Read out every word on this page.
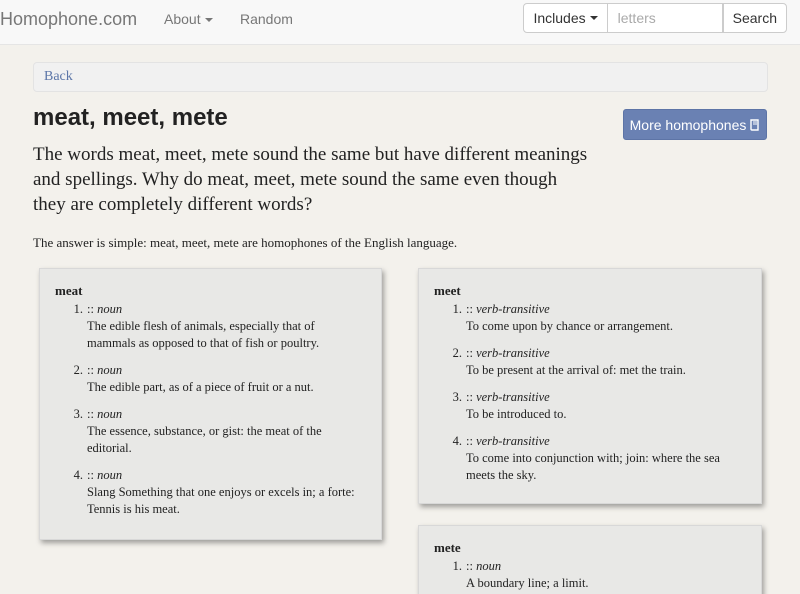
Homophone.com About	Random	Includes
letters	Search
Back
meat, meet, mete	More homophones

The words meat, meet, mete sound the same but have different meanings and spellings. Why do meat, meet, mete sound the same even though they are completely different words?

The answer is simple: meat, meet, mete are homophones of the English language.

meat
1. :: noun
The edible flesh of animals, especially that of mammals as opposed to that of fish or poultry.
2. :: noun
The edible part, as of a piece of fruit or a nut.
3. :: noun
The essence, substance, or gist: the meat of the editorial.
4. :: noun
Slang Something that one enjoys or excels in; a forte: Tennis is his meat.
meet
1. :: verb-transitive
To come upon by chance or arrangement.
2. :: verb-transitive
To be present at the arrival of: met the train.
3. :: verb-transitive
To be introduced to.
4. :: verb-transitive
To come into conjunction with; join: where the sea meets the sky.
mete
1. :: noun
A boundary line; a limit.
